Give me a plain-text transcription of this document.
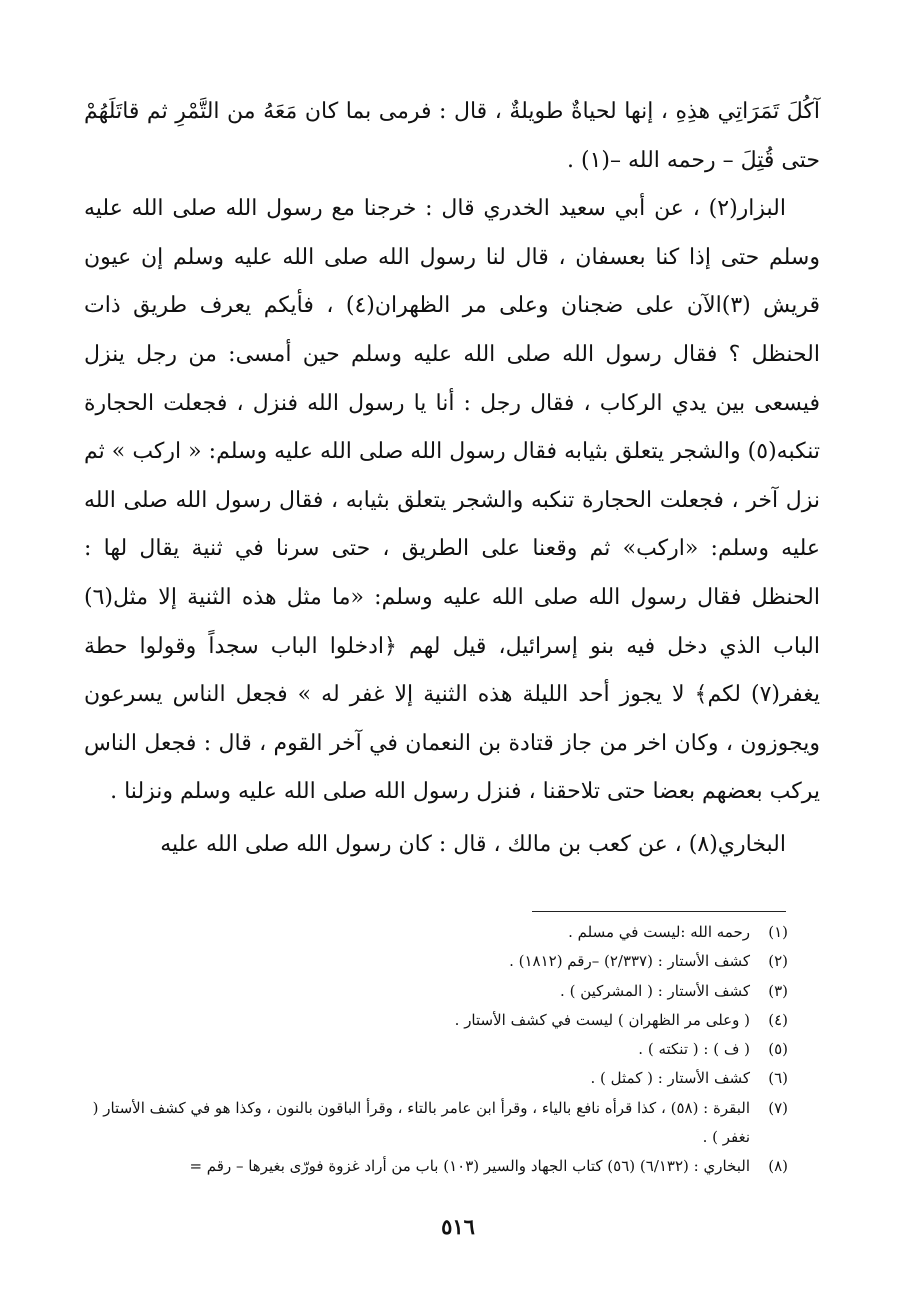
آكُلَ تَمَرَاتِي هذِهِ ، إنها لحياةٌ طويلةٌ ، قال : فرمى بما كان مَعَهُ من التَّمْرِ ثم قاتَلَهُمْ حتى قُتِلَ – رحمه الله –(١) .

البزار(٢) ، عن أبي سعيد الخدري قال : خرجنا مع رسول الله صلى الله عليه وسلم حتى إذا كنا بعسفان ، قال لنا رسول الله صلى الله عليه وسلم إن عيون قريش (٣)الآن على ضجنان وعلى مر الظهران(٤) ، فأيكم يعرف طريق ذات الحنظل ؟ فقال رسول الله صلى الله عليه وسلم حين أمسى: من رجل ينزل فيسعى بين يدي الركاب ، فقال رجل : أنا يا رسول الله فنزل ، فجعلت الحجارة تنكبه(٥) والشجر يتعلق بثيابه فقال رسول الله صلى الله عليه وسلم: « اركب » ثم نزل آخر ، فجعلت الحجارة تنكبه والشجر يتعلق بثيابه ، فقال رسول الله صلى الله عليه وسلم: «اركب» ثم وقعنا على الطريق ، حتى سرنا في ثنية يقال لها : الحنظل فقال رسول الله صلى الله عليه وسلم: «ما مثل هذه الثنية إلا مثل(٦) الباب الذي دخل فيه بنو إسرائيل، قيل لهم ﴿ادخلوا الباب سجداً وقولوا حطة يغفر(٧) لكم﴾ لا يجوز أحد الليلة هذه الثنية إلا غفر له » فجعل الناس يسرعون ويجوزون ، وكان اخر من جاز قتادة بن النعمان في آخر القوم ، قال : فجعل الناس يركب بعضهم بعضا حتى تلاحقنا ، فنزل رسول الله صلى الله عليه وسلم ونزلنا .

البخاري(٨) ، عن كعب بن مالك ، قال : كان رسول الله صلى الله عليه

(١)
رحمه الله :ليست في مسلم .
(٢)
كشف الأستار : (٢/٣٣٧) –رقم (١٨١٢) .
(٣)
كشف الأستار : ( المشركين ) .
(٤)
( وعلى مر الظهران ) ليست في كشف الأستار .
(٥)
( ف ) : ( تنكته ) .
(٦)
كشف الأستار : ( كمثل ) .
(٧)
البقرة : (٥٨) ، كذا قرأه نافع بالياء ، وقرأ ابن عامر بالتاء ، وقرأ الباقون بالنون ، وكذا هو في كشف الأستار ( نغفر ) .
(٨)
البخاري : (٦/١٣٢) (٥٦) كتاب الجهاد والسير (١٠٣) باب من أراد غزوة فورّى بغيرها – رقم =
٥١٦
